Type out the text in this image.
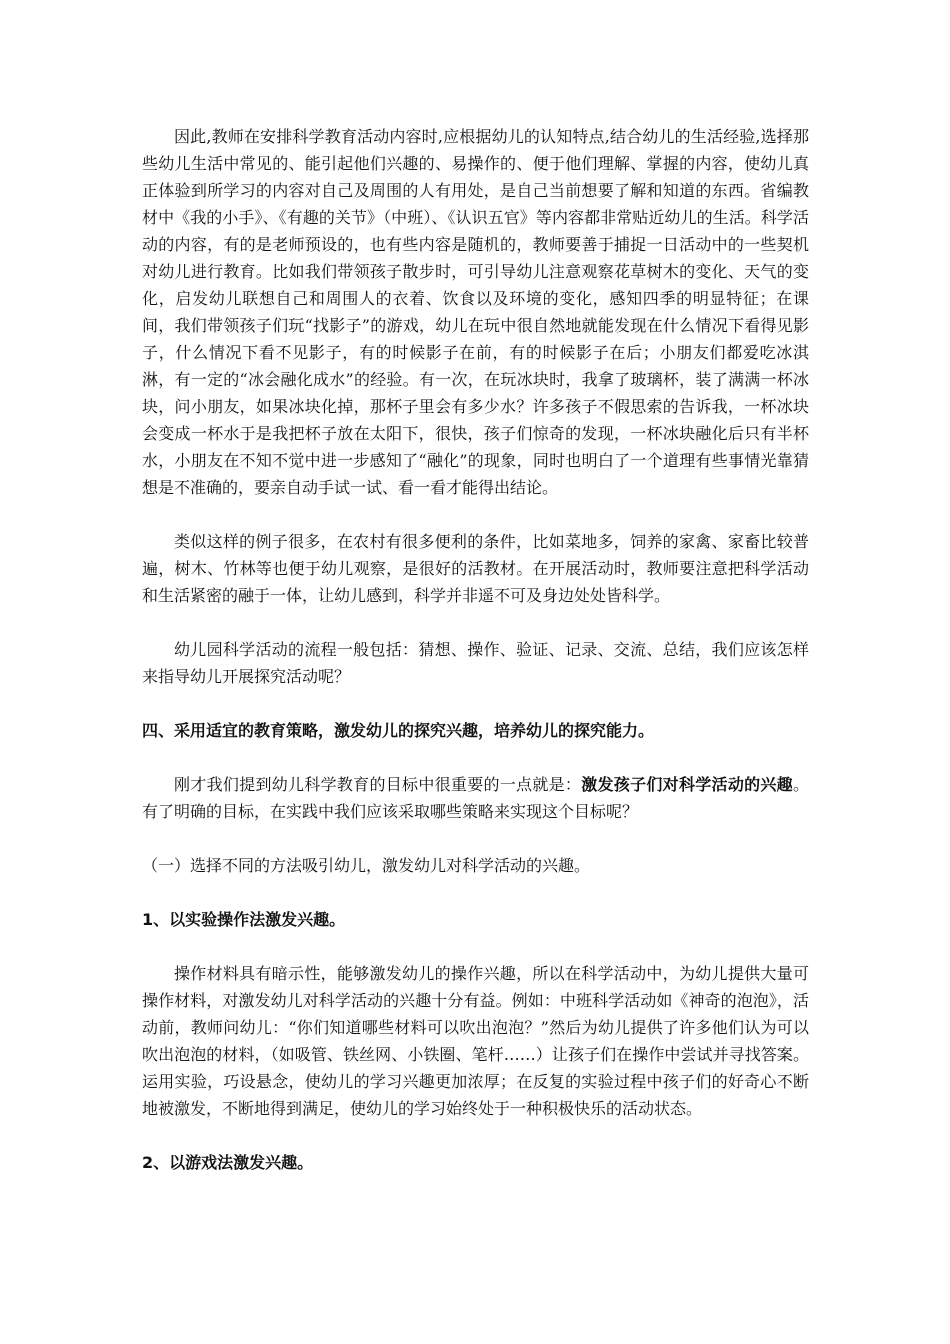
因此,教师在安排科学教育活动内容时,应根据幼儿的认知特点,结合幼儿的生活经验,选择那些幼儿生活中常见的、能引起他们兴趣的、易操作的、便于他们理解、掌握的内容，使幼儿真正体验到所学习的内容对自己及周围的人有用处，是自己当前想要了解和知道的东西。省编教材中《我的小手》、《有趣的关节》（中班）、《认识五官》等内容都非常贴近幼儿的生活。科学活动的内容，有的是老师预设的，也有些内容是随机的，教师要善于捕捉一日活动中的一些契机对幼儿进行教育。比如我们带领孩子散步时，可引导幼儿注意观察花草树木的变化、天气的变化，启发幼儿联想自己和周围人的衣着、饮食以及环境的变化，感知四季的明显特征；在课间，我们带领孩子们玩“找影子”的游戏，幼儿在玩中很自然地就能发现在什么情况下看得见影子，什么情况下看不见影子，有的时候影子在前，有的时候影子在后；小朋友们都爱吃冰淇淋，有一定的“冰会融化成水”的经验。有一次，在玩冰块时，我拿了玻璃杯，装了满满一杯冰块，问小朋友，如果冰块化掉，那杯子里会有多少水？许多孩子不假思索的告诉我，一杯冰块会变成一杯水于是我把杯子放在太阳下，很快，孩子们惊奇的发现，一杯冰块融化后只有半杯水，小朋友在不知不觉中进一步感知了“融化”的现象，同时也明白了一个道理有些事情光靠猜想是不准确的，要亲自动手试一试、看一看才能得出结论。

类似这样的例子很多，在农村有很多便利的条件，比如菜地多，饲养的家禽、家畜比较普遍，树木、竹林等也便于幼儿观察，是很好的活教材。在开展活动时，教师要注意把科学活动和生活紧密的融于一体，让幼儿感到，科学并非遥不可及身边处处皆科学。

幼儿园科学活动的流程一般包括：猜想、操作、验证、记录、交流、总结，我们应该怎样来指导幼儿开展探究活动呢？

四、采用适宜的教育策略，激发幼儿的探究兴趣，培养幼儿的探究能力。

刚才我们提到幼儿科学教育的目标中很重要的一点就是：激发孩子们对科学活动的兴趣。有了明确的目标，在实践中我们应该采取哪些策略来实现这个目标呢？

（一）选择不同的方法吸引幼儿，激发幼儿对科学活动的兴趣。

1、以实验操作法激发兴趣。

操作材料具有暗示性，能够激发幼儿的操作兴趣，所以在科学活动中，为幼儿提供大量可操作材料，对激发幼儿对科学活动的兴趣十分有益。例如：中班科学活动如《神奇的泡泡》，活动前，教师问幼儿：“你们知道哪些材料可以吹出泡泡？”然后为幼儿提供了许多他们认为可以吹出泡泡的材料，（如吸管、铁丝网、小铁圈、笔杆……）让孩子们在操作中尝试并寻找答案。运用实验，巧设悬念，使幼儿的学习兴趣更加浓厚；在反复的实验过程中孩子们的好奇心不断地被激发，不断地得到满足，使幼儿的学习始终处于一种积极快乐的活动状态。

2、以游戏法激发兴趣。
